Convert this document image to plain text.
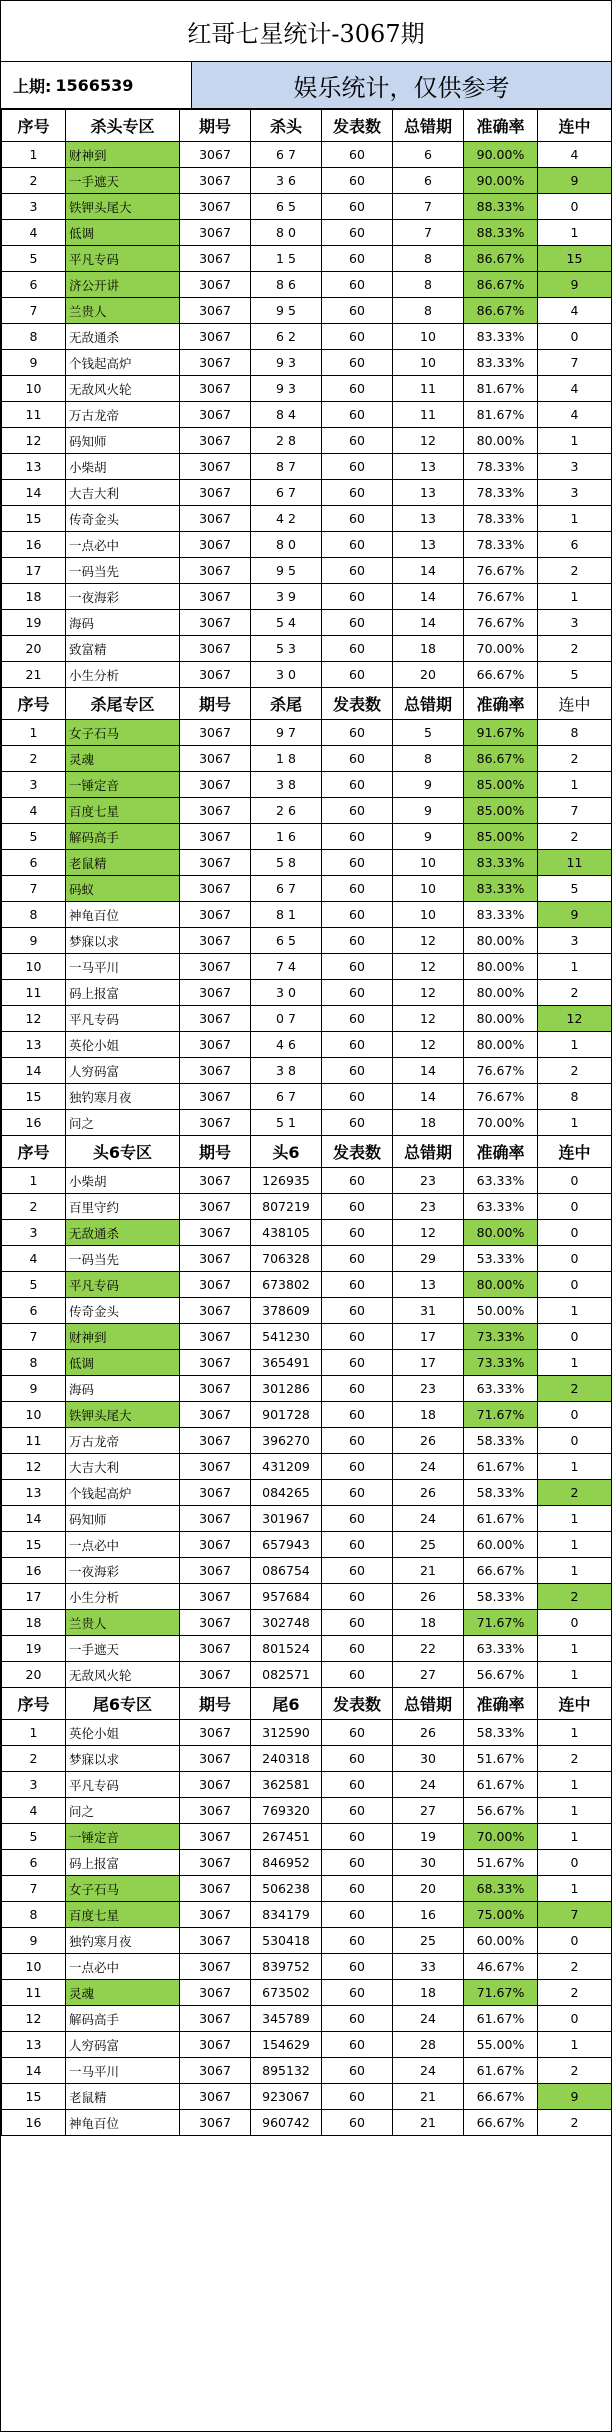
红哥七星统计-3067期
上期: 1566539	娱乐统计，仅供参考
序号	杀头专区	期号	杀头	发表数	总错期	准确率	连中
1	财神到	3067	6 7	60	6	90.00%	4
2	一手遮天	3067	3 6	60	6	90.00%	9
3	铁钾头尾大	3067	6 5	60	7	88.33%	0
4	低调	3067	8 0	60	7	88.33%	1
5	平凡专码	3067	1 5	60	8	86.67%	15
6	济公开讲	3067	8 6	60	8	86.67%	9
7	兰贵人	3067	9 5	60	8	86.67%	4
8	无敌通杀	3067	6 2	60	10	83.33%	0
9	个钱起高炉	3067	9 3	60	10	83.33%	7
10	无敌风火轮	3067	9 3	60	11	81.67%	4
11	万古龙帝	3067	8 4	60	11	81.67%	4
12	码知师	3067	2 8	60	12	80.00%	1
13	小柴胡	3067	8 7	60	13	78.33%	3
14	大吉大利	3067	6 7	60	13	78.33%	3
15	传奇金头	3067	4 2	60	13	78.33%	1
16	一点必中	3067	8 0	60	13	78.33%	6
17	一码当先	3067	9 5	60	14	76.67%	2
18	一夜海彩	3067	3 9	60	14	76.67%	1
19	海码	3067	5 4	60	14	76.67%	3
20	致富精	3067	5 3	60	18	70.00%	2
21	小生分析	3067	3 0	60	20	66.67%	5
序号	杀尾专区	期号	杀尾	发表数	总错期	准确率	连中
1	女子石马	3067	9 7	60	5	91.67%	8
2	灵魂	3067	1 8	60	8	86.67%	2
3	一锤定音	3067	3 8	60	9	85.00%	1
4	百度七星	3067	2 6	60	9	85.00%	7
5	解码高手	3067	1 6	60	9	85.00%	2
6	老鼠精	3067	5 8	60	10	83.33%	11
7	码蚁	3067	6 7	60	10	83.33%	5
8	神龟百位	3067	8 1	60	10	83.33%	9
9	梦寐以求	3067	6 5	60	12	80.00%	3
10	一马平川	3067	7 4	60	12	80.00%	1
11	码上报富	3067	3 0	60	12	80.00%	2
12	平凡专码	3067	0 7	60	12	80.00%	12
13	英伦小姐	3067	4 6	60	12	80.00%	1
14	人穷码富	3067	3 8	60	14	76.67%	2
15	独钓寒月夜	3067	6 7	60	14	76.67%	8
16	问之	3067	5 1	60	18	70.00%	1
序号	头6专区	期号	头6	发表数	总错期	准确率	连中
1	小柴胡	3067	126935	60	23	63.33%	0
2	百里守约	3067	807219	60	23	63.33%	0
3	无敌通杀	3067	438105	60	12	80.00%	0
4	一码当先	3067	706328	60	29	53.33%	0
5	平凡专码	3067	673802	60	13	80.00%	0
6	传奇金头	3067	378609	60	31	50.00%	1
7	财神到	3067	541230	60	17	73.33%	0
8	低调	3067	365491	60	17	73.33%	1
9	海码	3067	301286	60	23	63.33%	2
10	铁钾头尾大	3067	901728	60	18	71.67%	0
11	万古龙帝	3067	396270	60	26	58.33%	0
12	大吉大利	3067	431209	60	24	61.67%	1
13	个钱起高炉	3067	084265	60	26	58.33%	2
14	码知师	3067	301967	60	24	61.67%	1
15	一点必中	3067	657943	60	25	60.00%	1
16	一夜海彩	3067	086754	60	21	66.67%	1
17	小生分析	3067	957684	60	26	58.33%	2
18	兰贵人	3067	302748	60	18	71.67%	0
19	一手遮天	3067	801524	60	22	63.33%	1
20	无敌风火轮	3067	082571	60	27	56.67%	1
序号	尾6专区	期号	尾6	发表数	总错期	准确率	连中
1	英伦小姐	3067	312590	60	26	58.33%	1
2	梦寐以求	3067	240318	60	30	51.67%	2
3	平凡专码	3067	362581	60	24	61.67%	1
4	问之	3067	769320	60	27	56.67%	1
5	一锤定音	3067	267451	60	19	70.00%	1
6	码上报富	3067	846952	60	30	51.67%	0
7	女子石马	3067	506238	60	20	68.33%	1
8	百度七星	3067	834179	60	16	75.00%	7
9	独钓寒月夜	3067	530418	60	25	60.00%	0
10	一点必中	3067	839752	60	33	46.67%	2
11	灵魂	3067	673502	60	18	71.67%	2
12	解码高手	3067	345789	60	24	61.67%	0
13	人穷码富	3067	154629	60	28	55.00%	1
14	一马平川	3067	895132	60	24	61.67%	2
15	老鼠精	3067	923067	60	21	66.67%	9
16	神龟百位	3067	960742	60	21	66.67%	2
